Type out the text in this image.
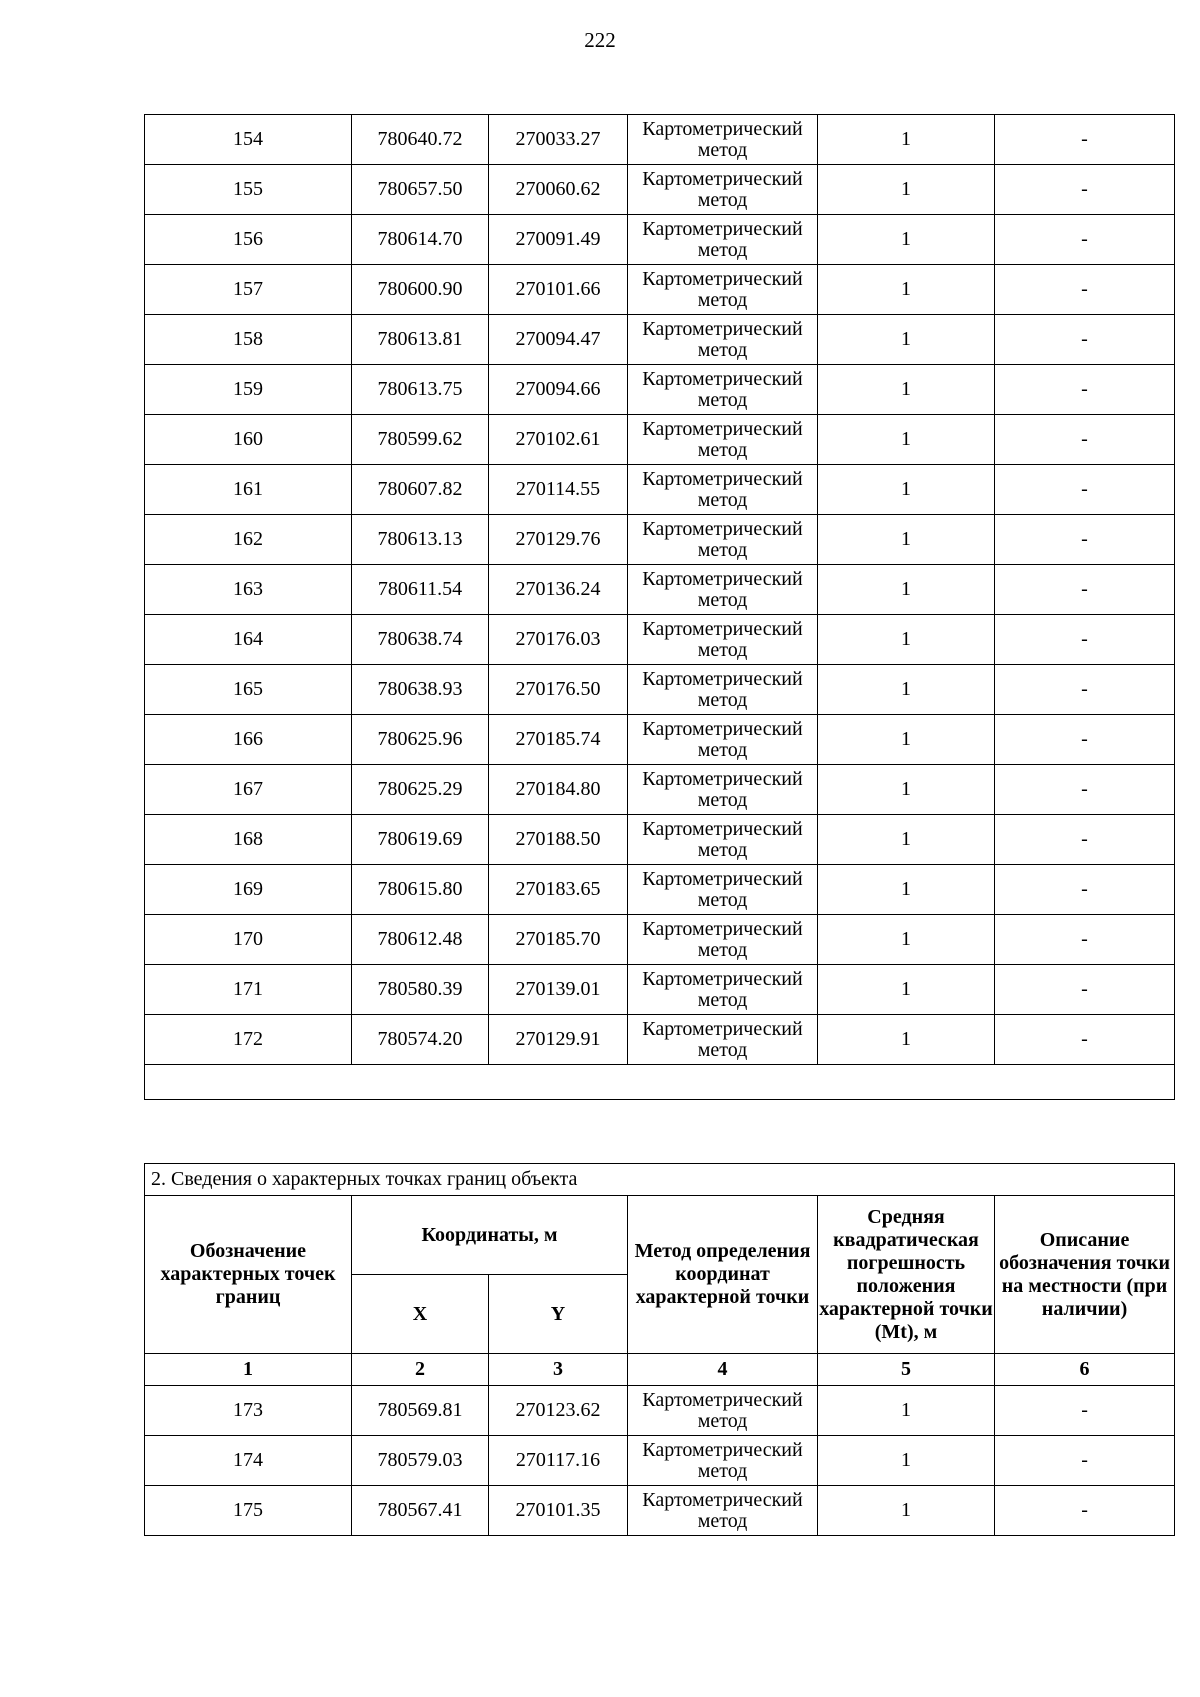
222
154	780640.72	270033.27	Картометрический метод	1	-
155	780657.50	270060.62	Картометрический метод	1	-
156	780614.70	270091.49	Картометрический метод	1	-
157	780600.90	270101.66	Картометрический метод	1	-
158	780613.81	270094.47	Картометрический метод	1	-
159	780613.75	270094.66	Картометрический метод	1	-
160	780599.62	270102.61	Картометрический метод	1	-
161	780607.82	270114.55	Картометрический метод	1	-
162	780613.13	270129.76	Картометрический метод	1	-
163	780611.54	270136.24	Картометрический метод	1	-
164	780638.74	270176.03	Картометрический метод	1	-
165	780638.93	270176.50	Картометрический метод	1	-
166	780625.96	270185.74	Картометрический метод	1	-
167	780625.29	270184.80	Картометрический метод	1	-
168	780619.69	270188.50	Картометрический метод	1	-
169	780615.80	270183.65	Картометрический метод	1	-
170	780612.48	270185.70	Картометрический метод	1	-
171	780580.39	270139.01	Картометрический метод	1	-
172	780574.20	270129.91	Картометрический метод	1	-

2. Сведения о характерных точках границ объекта					
Обозначение характерных точек границ	Координаты, м		Метод определения координат характерной точки	Средняя квадратическая погрешность положения характерной точки (Mt), м	Описание обозначения точки на местности (при наличии)
	X	Y			
1	2	3	4	5	6
173	780569.81	270123.62	Картометрический метод	1	-
174	780579.03	270117.16	Картометрический метод	1	-
175	780567.41	270101.35	Картометрический метод	1	-
